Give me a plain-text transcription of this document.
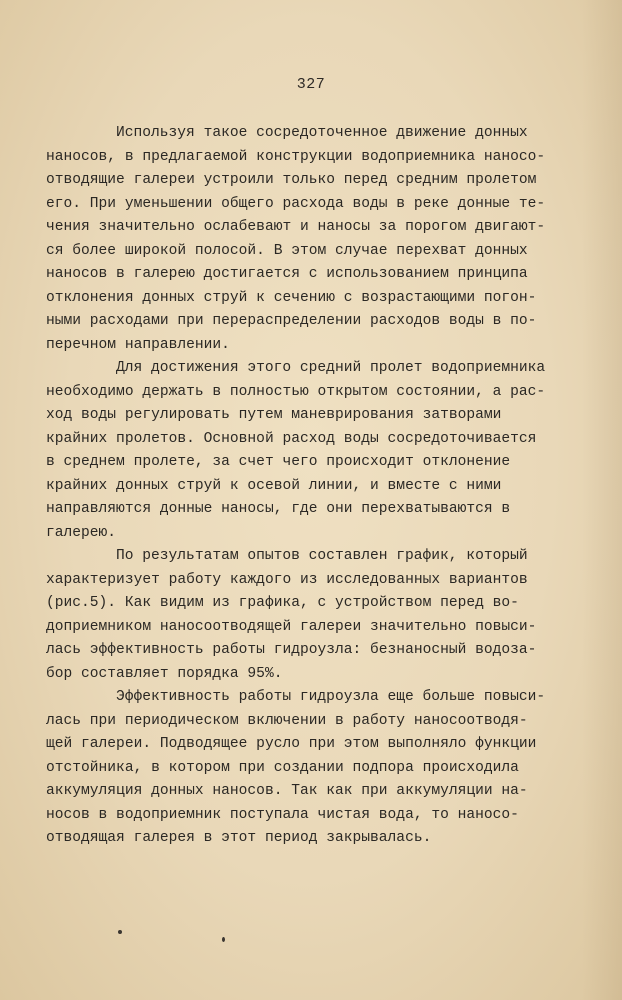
327
Используя такое сосредоточенное движение донных
наносов, в предлагаемой конструкции водоприемника наносо-
отводящие галереи устроили только перед средним пролетом
его. При уменьшении общего расхода воды в реке донные те-
чения значительно ослабевают и наносы за порогом двигают-
ся более широкой полосой. В этом случае перехват донных
наносов в галерею достигается с использованием принципа
отклонения донных струй к сечению с возрастающими погон-
ными расходами при перераспределении расходов воды в по-
перечном направлении.
Для достижения этого средний пролет водоприемника
необходимо держать в полностью открытом состоянии, а рас-
ход воды регулировать путем маневрирования затворами
крайних пролетов. Основной расход воды сосредоточивается
в среднем пролете, за счет чего происходит отклонение
крайних донных струй к осевой линии, и вместе с ними
направляются донные наносы, где они перехватываются в
галерею.
По результатам опытов составлен график, который
характеризует работу каждого из исследованных вариантов
(рис.5). Как видим из графика, с устройством перед во-
доприемником наносоотводящей галереи значительно повыси-
лась эффективность работы гидроузла: безнаносный водоза-
бор составляет порядка 95%.
Эффективность работы гидроузла еще больше повыси-
лась при периодическом включении в работу наносоотводя-
щей галереи. Подводящее русло при этом выполняло функции
отстойника, в котором при создании подпора происходила
аккумуляция донных наносов. Так как при аккумуляции на-
носов в водоприемник поступала чистая вода, то наносо-
отводящая галерея в этот период закрывалась.
